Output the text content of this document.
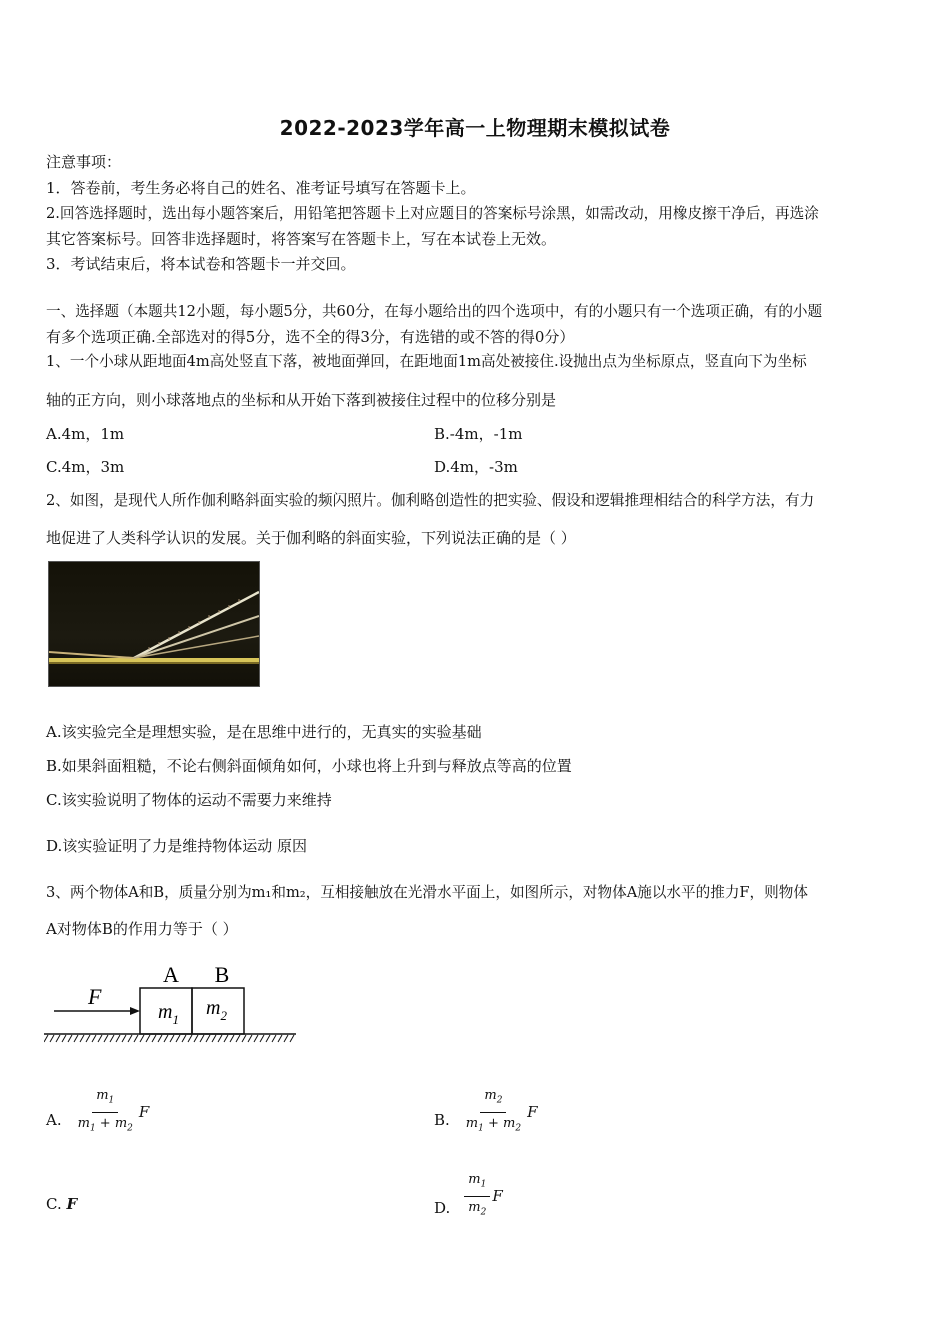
2022-2023学年高一上物理期末模拟试卷
注意事项：
1．答卷前，考生务必将自己的姓名、准考证号填写在答题卡上。
2.回答选择题时，选出每小题答案后，用铅笔把答题卡上对应题目的答案标号涂黑，如需改动，用橡皮擦干净后，再选涂
其它答案标号。回答非选择题时，将答案写在答题卡上，写在本试卷上无效。
3．考试结束后，将本试卷和答题卡一并交回。
一、选择题（本题共12小题，每小题5分，共60分，在每小题给出的四个选项中，有的小题只有一个选项正确，有的小题
有多个选项正确.全部选对的得5分，选不全的得3分，有选错的或不答的得0分）
1、一个小球从距地面4m高处竖直下落，被地面弹回，在距地面1m高处被接住.设抛出点为坐标原点，竖直向下为坐标
轴的正方向，则小球落地点的坐标和从开始下落到被接住过程中的位移分别是
A.4m，1m	B.-4m，-1m
C.4m，3m	D.4m，-3m
2、如图，是现代人所作伽利略斜面实验的频闪照片。伽利略创造性的把实验、假设和逻辑推理相结合的科学方法，有力
地促进了人类科学认识的发展。关于伽利略的斜面实验，下列说法正确的是（ ）
A.该实验完全是理想实验，是在思维中进行的，无真实的实验基础
B.如果斜面粗糙，不论右侧斜面倾角如何，小球也将上升到与释放点等高的位置
C.该实验说明了物体的运动不需要力来维持
D.该实验证明了力是维持物体运动 原因
3、两个物体A和B，质量分别为m₁和m₂，互相接触放在光滑水平面上，如图所示，对物体A施以水平的推力F，则物体
A对物体B的作用力等于（ ）
A B
$m_1$
$m_2$
F
A. $\frac{m_1}{m_1 + m_2}$ F	B. $\frac{m_2}{m_1 + m_2}$ F
C. F	D. $\frac{m_1}{m_2}$ F
